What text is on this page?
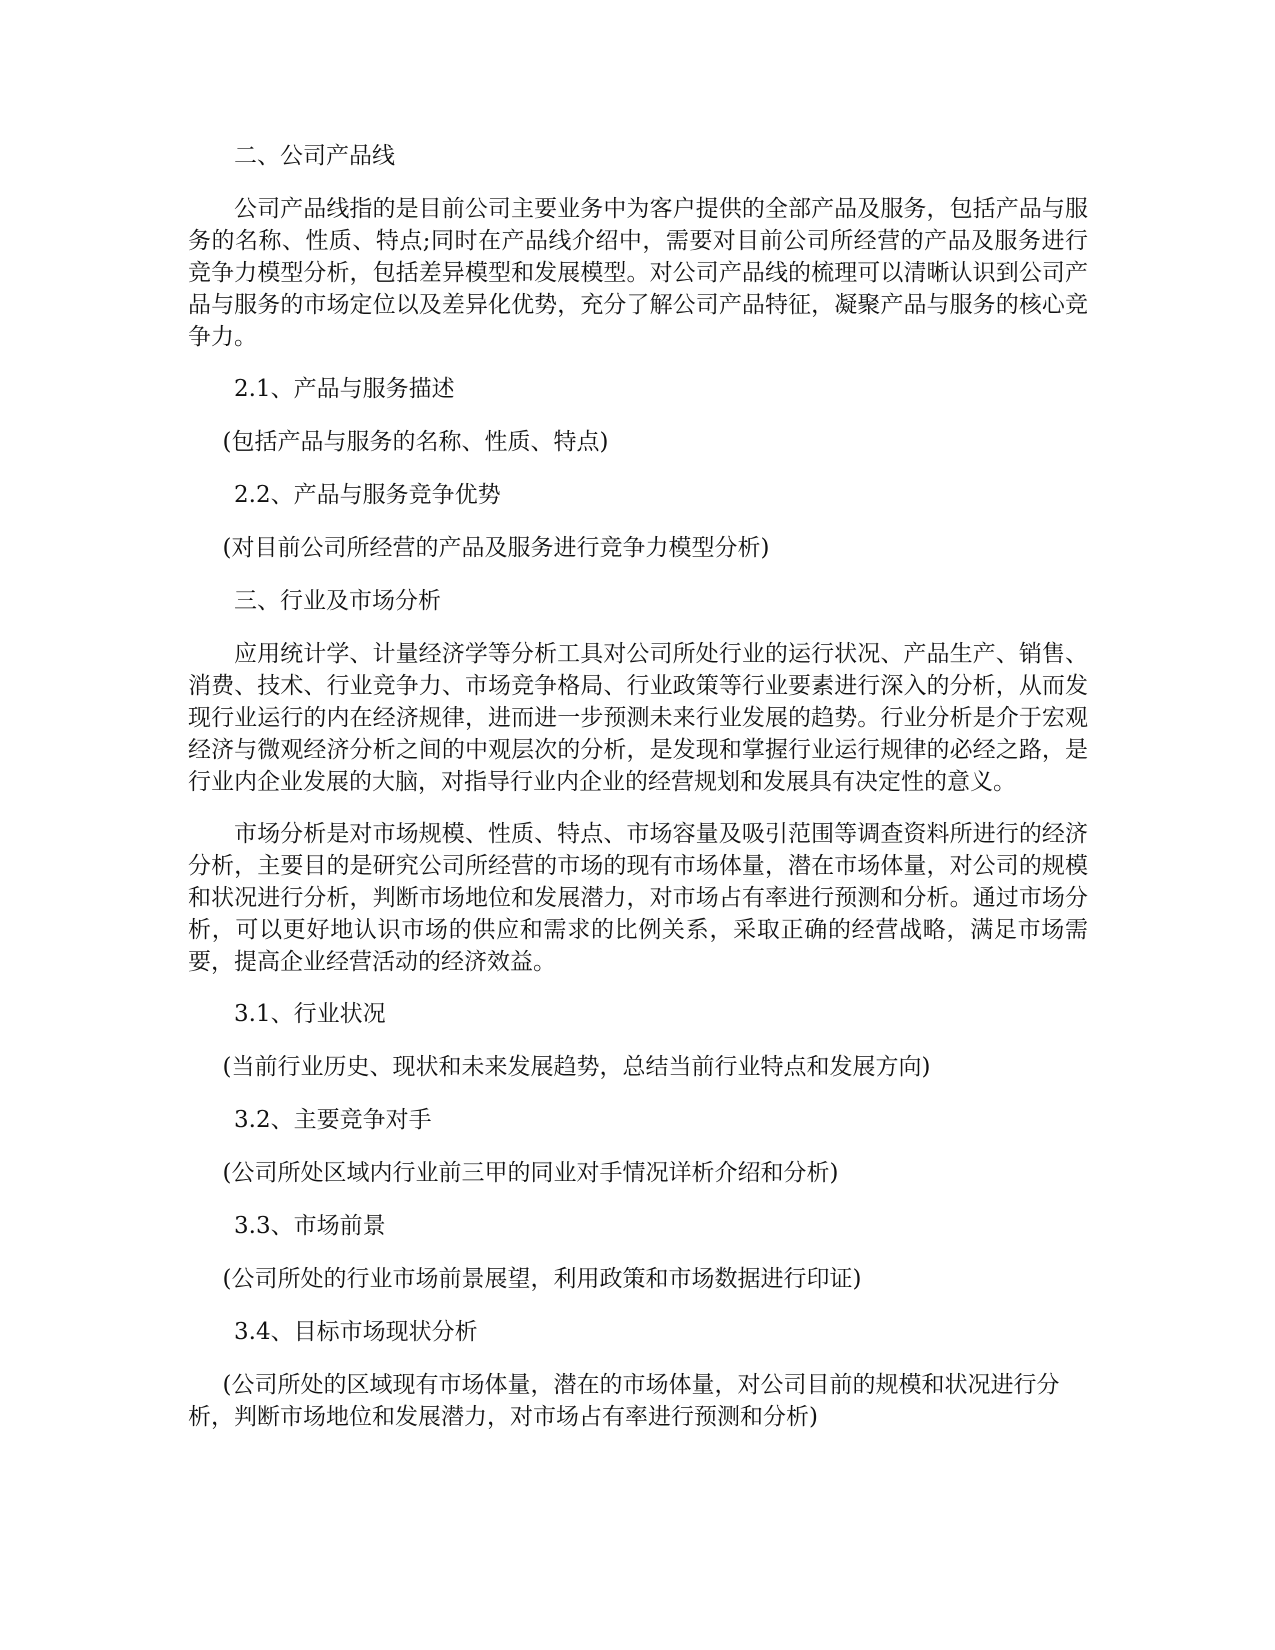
二、公司产品线

公司产品线指的是目前公司主要业务中为客户提供的全部产品及服务，包括产品与服务的名称、性质、特点;同时在产品线介绍中，需要对目前公司所经营的产品及服务进行竞争力模型分析，包括差异模型和发展模型。对公司产品线的梳理可以清晰认识到公司产品与服务的市场定位以及差异化优势，充分了解公司产品特征，凝聚产品与服务的核心竞争力。

2.1、产品与服务描述

(包括产品与服务的名称、性质、特点)

2.2、产品与服务竞争优势

(对目前公司所经营的产品及服务进行竞争力模型分析)

三、行业及市场分析

应用统计学、计量经济学等分析工具对公司所处行业的运行状况、产品生产、销售、消费、技术、行业竞争力、市场竞争格局、行业政策等行业要素进行深入的分析，从而发现行业运行的内在经济规律，进而进一步预测未来行业发展的趋势。行业分析是介于宏观经济与微观经济分析之间的中观层次的分析，是发现和掌握行业运行规律的必经之路，是行业内企业发展的大脑，对指导行业内企业的经营规划和发展具有决定性的意义。

市场分析是对市场规模、性质、特点、市场容量及吸引范围等调查资料所进行的经济分析，主要目的是研究公司所经营的市场的现有市场体量，潜在市场体量，对公司的规模和状况进行分析，判断市场地位和发展潜力，对市场占有率进行预测和分析。通过市场分析，可以更好地认识市场的供应和需求的比例关系，采取正确的经营战略，满足市场需要，提高企业经营活动的经济效益。

3.1、行业状况

(当前行业历史、现状和未来发展趋势，总结当前行业特点和发展方向)

3.2、主要竞争对手

(公司所处区域内行业前三甲的同业对手情况详析介绍和分析)

3.3、市场前景

(公司所处的行业市场前景展望，利用政策和市场数据进行印证)

3.4、目标市场现状分析

(公司所处的区域现有市场体量，潜在的市场体量，对公司目前的规模和状况进行分析，判断市场地位和发展潜力，对市场占有率进行预测和分析)
